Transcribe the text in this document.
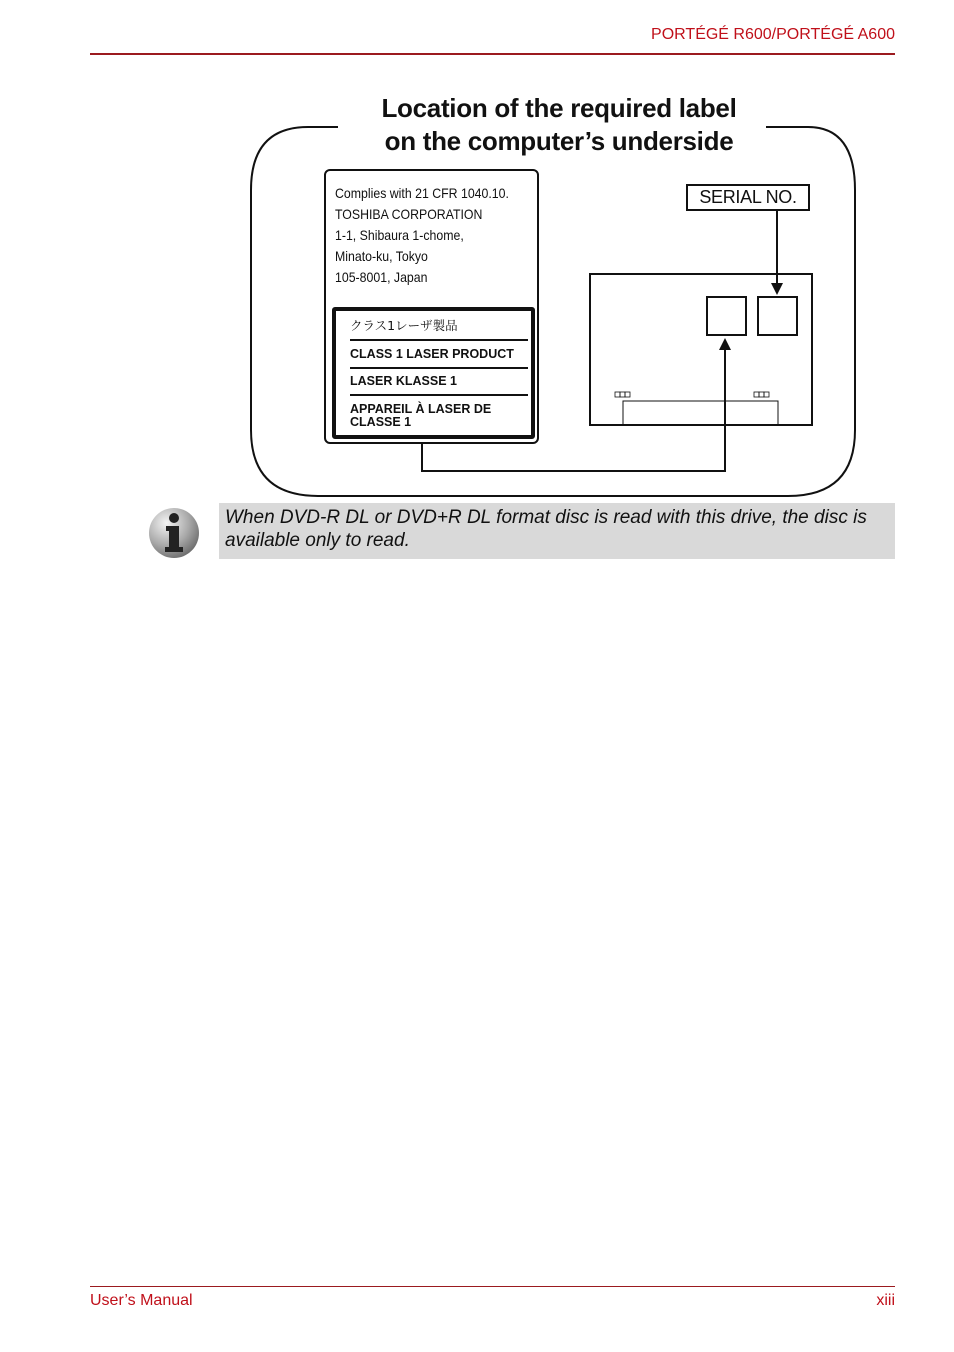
PORTÉGÉ R600/PORTÉGÉ A600
Location of the required label
on the computer’s underside
Complies with 21 CFR 1040.10.
TOSHIBA CORPORATION
1-1, Shibaura 1-chome,
Minato-ku, Tokyo
105-8001, Japan
クラス1レーザ製品
CLASS 1 LASER PRODUCT
LASER KLASSE 1
APPAREIL À LASER DE CLASSE 1
SERIAL NO.
When DVD-R DL or DVD+R DL format disc is read with this drive, the disc is available only to read.
User’s Manual	xiii
